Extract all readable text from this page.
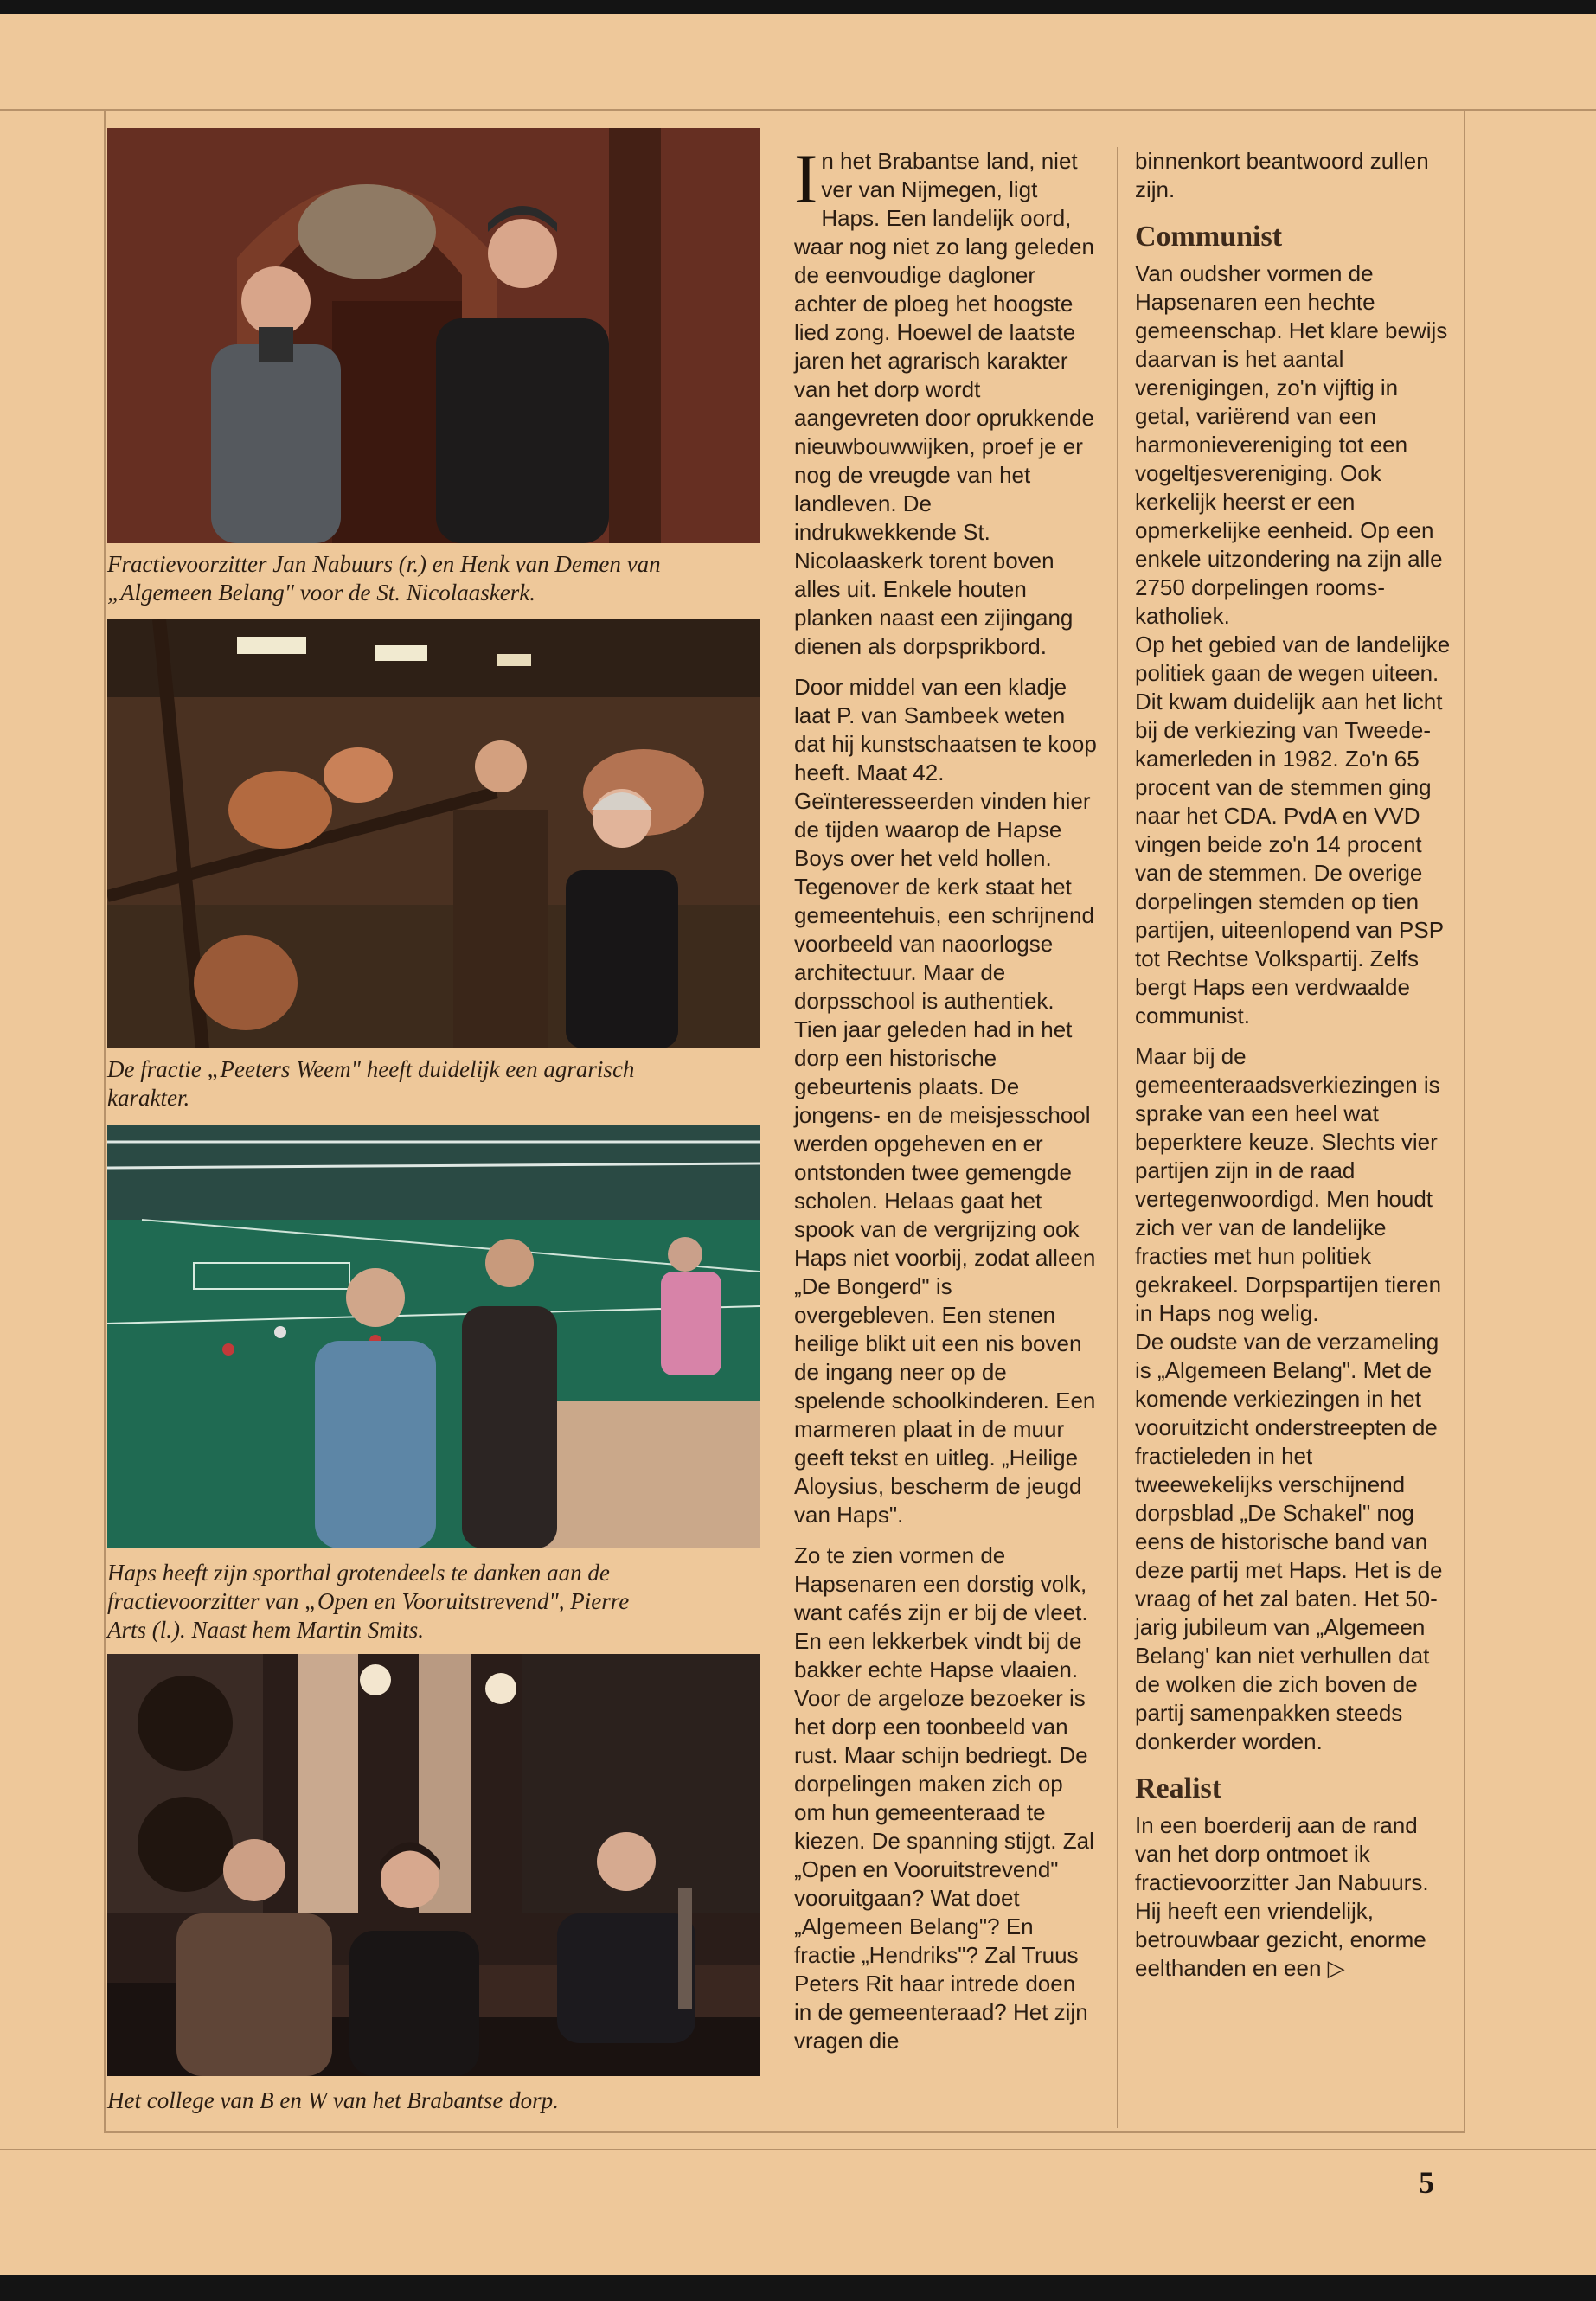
Fractievoorzitter Jan Nabuurs (r.) en Henk van Demen van
„Algemeen Belang" voor de St. Nicolaaskerk.

De fractie „Peeters Weem" heeft duidelijk een agrarisch
karakter.

Haps heeft zijn sporthal grotendeels te danken aan de
fractievoorzitter van „Open en Vooruitstrevend", Pierre
Arts (l.). Naast hem Martin Smits.

Het college van B en W van het Brabantse dorp.

In het Brabantse land, niet ver van Nijmegen, ligt Haps. Een landelijk oord, waar nog niet zo lang geleden de eenvoudige dagloner achter de ploeg het hoogste lied zong. Hoewel de laatste jaren het agrarisch karakter van het dorp wordt aangevreten door oprukkende nieuwbouwwijken, proef je er nog de vreugde van het landleven. De indrukwekkende St. Nicolaaskerk torent boven alles uit. Enkele houten planken naast een zijingang dienen als dorpsprikbord.

Door middel van een kladje laat P. van Sambeek weten dat hij kunstschaatsen te koop heeft. Maat 42. Geïnteresseerden vinden hier de tijden waarop de Hapse Boys over het veld hollen.
Tegenover de kerk staat het gemeentehuis, een schrijnend voorbeeld van naoorlogse architectuur. Maar de dorpsschool is authentiek. Tien jaar geleden had in het dorp een historische gebeurtenis plaats. De jongens- en de meisjesschool werden opgeheven en er ontstonden twee gemengde scholen. Helaas gaat het spook van de vergrijzing ook Haps niet voorbij, zodat alleen „De Bongerd" is overgebleven. Een stenen heilige blikt uit een nis boven de ingang neer op de spelende schoolkinderen. Een marmeren plaat in de muur geeft tekst en uitleg. „Heilige Aloysius, bescherm de jeugd van Haps".

Zo te zien vormen de Hapsenaren een dorstig volk, want cafés zijn er bij de vleet. En een lekkerbek vindt bij de bakker echte Hapse vlaaien. Voor de argeloze bezoeker is het dorp een toonbeeld van rust. Maar schijn bedriegt. De dorpelingen maken zich op om hun gemeenteraad te kiezen. De spanning stijgt. Zal „Open en Vooruitstrevend" vooruitgaan? Wat doet „Algemeen Belang"? En fractie „Hendriks"? Zal Truus Peters Rit haar intrede doen in de gemeenteraad? Het zijn vragen die

binnenkort beantwoord zullen zijn.

Communist

Van oudsher vormen de Hapsenaren een hechte gemeenschap. Het klare bewijs daarvan is het aantal verenigingen, zo'n vijftig in getal, variërend van een harmonievereniging tot een vogeltjesvereniging. Ook kerkelijk heerst er een opmerkelijke eenheid. Op een enkele uitzondering na zijn alle 2750 dorpelingen rooms-katholiek.
Op het gebied van de landelijke politiek gaan de wegen uiteen. Dit kwam duidelijk aan het licht bij de verkiezing van Tweede-kamerleden in 1982. Zo'n 65 procent van de stemmen ging naar het CDA. PvdA en VVD vingen beide zo'n 14 procent van de stemmen. De overige dorpelingen stemden op tien partijen, uiteenlopend van PSP tot Rechtse Volkspartij. Zelfs bergt Haps een verdwaalde communist.

Maar bij de gemeenteraadsverkiezingen is sprake van een heel wat beperktere keuze. Slechts vier partijen zijn in de raad vertegenwoordigd. Men houdt zich ver van de landelijke fracties met hun politiek gekrakeel. Dorpspartijen tieren in Haps nog welig.
De oudste van de verzameling is „Algemeen Belang". Met de komende verkiezingen in het vooruitzicht onderstreepten de fractieleden in het tweewekelijks verschijnend dorpsblad „De Schakel" nog eens de historische band van deze partij met Haps. Het is de vraag of het zal baten. Het 50-jarig jubileum van „Algemeen Belang' kan niet verhullen dat de wolken die zich boven de partij samenpakken steeds donkerder worden.

Realist

In een boerderij aan de rand van het dorp ontmoet ik fractievoorzitter Jan Nabuurs. Hij heeft een vriendelijk, betrouwbaar gezicht, enorme eelthanden en een ▷

5
